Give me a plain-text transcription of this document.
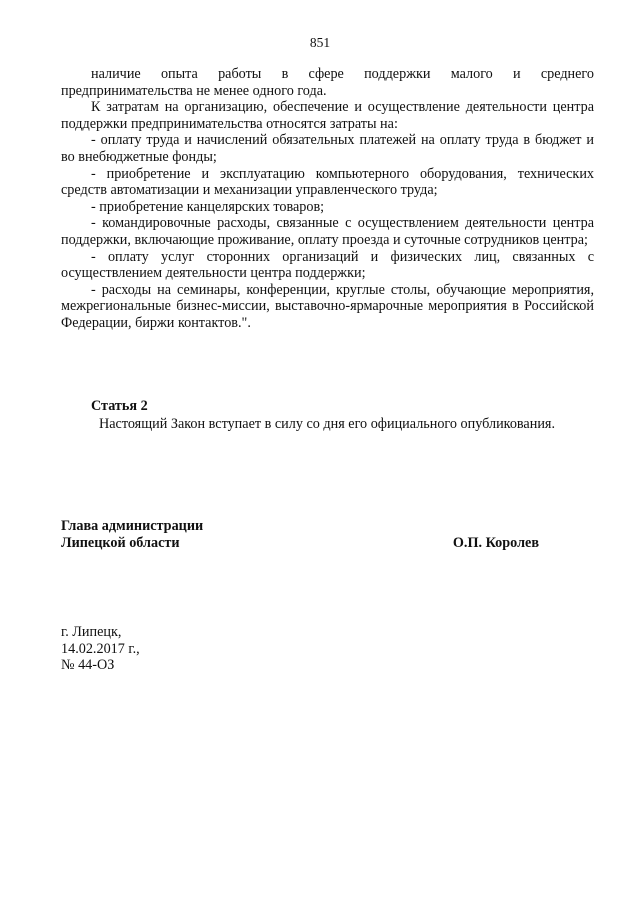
851

наличие опыта работы в сфере поддержки малого и среднего предпринимательства не менее одного года.

К затратам на организацию, обеспечение и осуществление деятельности центра поддержки предпринимательства относятся затраты на:

- оплату труда и начислений обязательных платежей на оплату труда в бюджет и во внебюджетные фонды;

- приобретение и эксплуатацию компьютерного оборудования, технических средств автоматизации и механизации управленческого труда;

- приобретение канцелярских товаров;

- командировочные расходы, связанные с осуществлением деятельности центра поддержки, включающие проживание, оплату проезда и суточные сотрудников центра;

- оплату услуг сторонних организаций и физических лиц, связанных с осуществлением деятельности центра поддержки;

- расходы на семинары, конференции, круглые столы, обучающие мероприятия, межрегиональные бизнес-миссии, выставочно-ярмарочные мероприятия в Российской Федерации, биржи контактов.".

Статья 2

Настоящий Закон вступает в силу со дня его официального опубликования.

Глава администрации
Липецкой области	О.П. Королев
г. Липецк,
14.02.2017 г.,
№ 44-ОЗ
